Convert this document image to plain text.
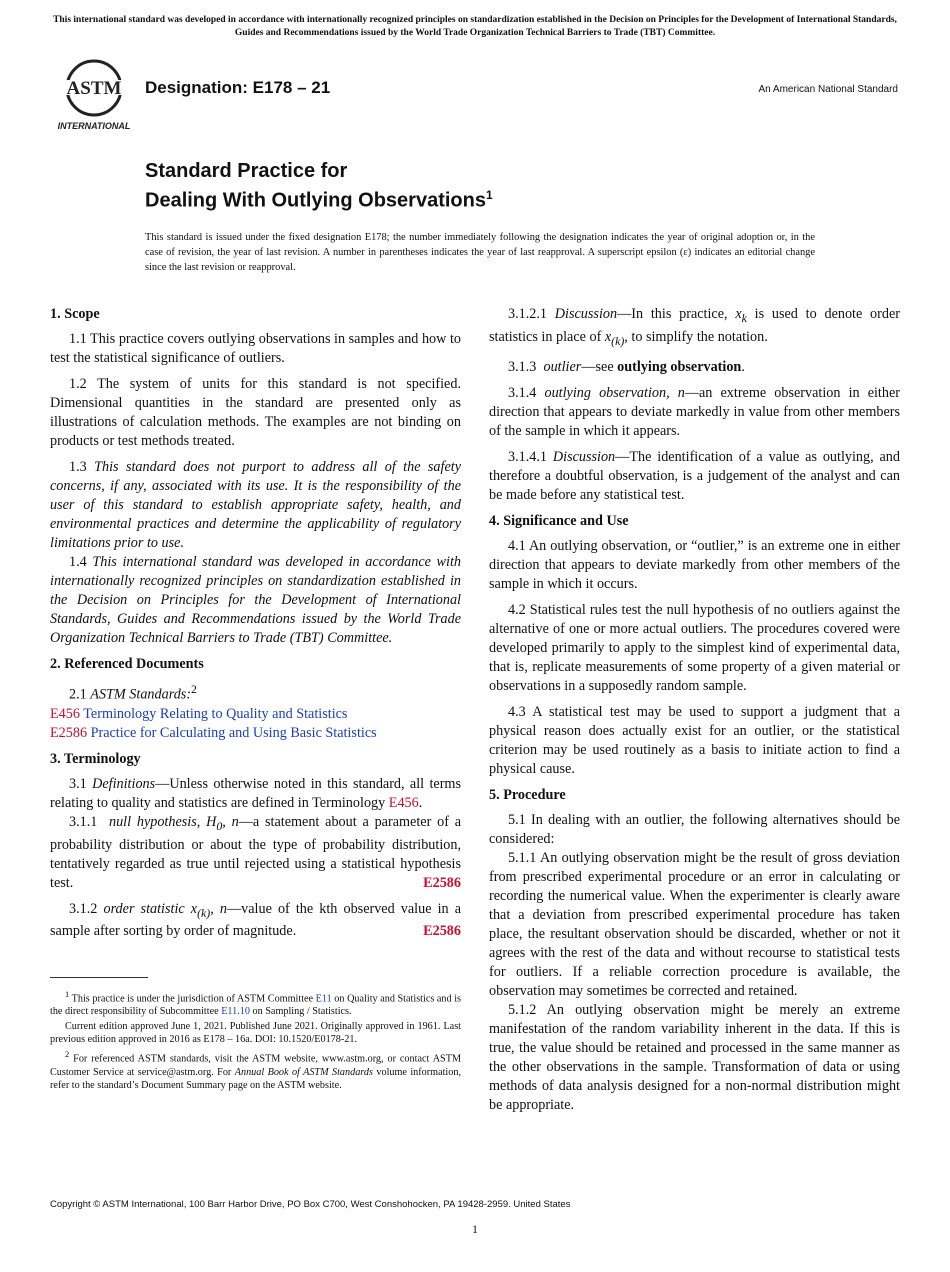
This international standard was developed in accordance with internationally recognized principles on standardization established in the Decision on Principles for the Development of International Standards, Guides and Recommendations issued by the World Trade Organization Technical Barriers to Trade (TBT) Committee.
ASTM
INTERNATIONAL
Designation: E178 – 21	An American National Standard
Standard Practice for
Dealing With Outlying Observations$^1$
This standard is issued under the fixed designation E178; the number immediately following the designation indicates the year of original adoption or, in the case of revision, the year of last revision. A number in parentheses indicates the year of last reapproval. A superscript epsilon (ε) indicates an editorial change since the last revision or reapproval.
1. Scope

1.1 This practice covers outlying observations in samples and how to test the statistical significance of outliers.

1.2 The system of units for this standard is not specified. Dimensional quantities in the standard are presented only as illustrations of calculation methods. The examples are not binding on products or test methods treated.

1.3 This standard does not purport to address all of the safety concerns, if any, associated with its use. It is the responsibility of the user of this standard to establish appropriate safety, health, and environmental practices and determine the applicability of regulatory limitations prior to use.

1.4 This international standard was developed in accordance with internationally recognized principles on standardization established in the Decision on Principles for the Development of International Standards, Guides and Recommendations issued by the World Trade Organization Technical Barriers to Trade (TBT) Committee.

2. Referenced Documents

2.1 ASTM Standards:$^2$

E456 Terminology Relating to Quality and Statistics

E2586 Practice for Calculating and Using Basic Statistics

3. Terminology

3.1 Definitions—Unless otherwise noted in this standard, all terms relating to quality and statistics are defined in Terminology E456.

3.1.1 null hypothesis, $H_0$, n—a statement about a parameter of a probability distribution or about the type of probability distribution, tentatively regarded as true until rejected using a statistical hypothesis test.	E2586

3.1.2 order statistic $x_{(k)}$, n—value of the kth observed value in a sample after sorting by order of magnitude.	E2586

$^1$ This practice is under the jurisdiction of ASTM Committee E11 on Quality and Statistics and is the direct responsibility of Subcommittee E11.10 on Sampling / Statistics.

Current edition approved June 1, 2021. Published June 2021. Originally approved in 1961. Last previous edition approved in 2016 as E178 – 16a. DOI: 10.1520/E0178-21.

$^2$ For referenced ASTM standards, visit the ASTM website, www.astm.org, or contact ASTM Customer Service at service@astm.org. For Annual Book of ASTM Standards volume information, refer to the standard’s Document Summary page on the ASTM website.

3.1.2.1 Discussion—In this practice, $x_k$ is used to denote order statistics in place of $x_{(k)}$, to simplify the notation.

3.1.3 outlier—see outlying observation.

3.1.4 outlying observation, n—an extreme observation in either direction that appears to deviate markedly in value from other members of the sample in which it appears.

3.1.4.1 Discussion—The identification of a value as outlying, and therefore a doubtful observation, is a judgement of the analyst and can be made before any statistical test.

4. Significance and Use

4.1 An outlying observation, or “outlier,” is an extreme one in either direction that appears to deviate markedly from other members of the sample in which it occurs.

4.2 Statistical rules test the null hypothesis of no outliers against the alternative of one or more actual outliers. The procedures covered were developed primarily to apply to the simplest kind of experimental data, that is, replicate measurements of some property of a given material or observations in a supposedly random sample.

4.3 A statistical test may be used to support a judgment that a physical reason does actually exist for an outlier, or the statistical criterion may be used routinely as a basis to initiate action to find a physical cause.

5. Procedure

5.1 In dealing with an outlier, the following alternatives should be considered:

5.1.1 An outlying observation might be the result of gross deviation from prescribed experimental procedure or an error in calculating or recording the numerical value. When the experimenter is clearly aware that a deviation from prescribed experimental procedure has taken place, the resultant observation should be discarded, whether or not it agrees with the rest of the data and without recourse to statistical tests for outliers. If a reliable correction procedure is available, the observation may sometimes be corrected and retained.

5.1.2 An outlying observation might be merely an extreme manifestation of the random variability inherent in the data. If this is true, the value should be retained and processed in the same manner as the other observations in the sample. Transformation of data or using methods of data analysis designed for a non-normal distribution might be appropriate.

Copyright © ASTM International, 100 Barr Harbor Drive, PO Box C700, West Conshohocken, PA 19428-2959. United States
1
